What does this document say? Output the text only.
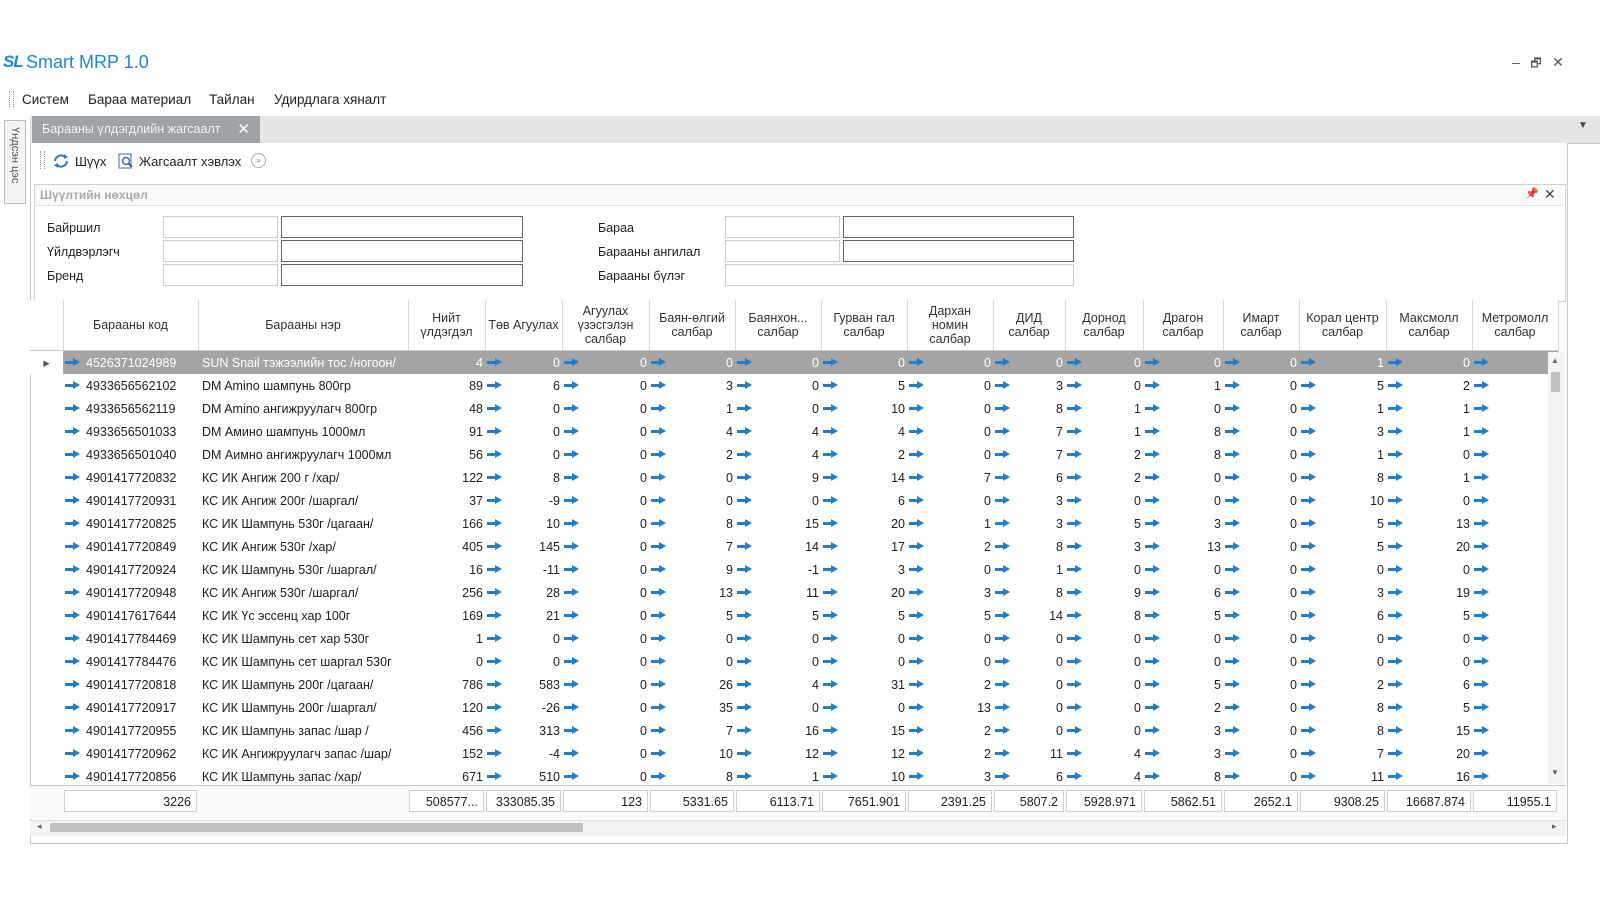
SL Smart MRP 1.0	– 🗗 ✕
Систем Бараа материал Тайлан Удирдлага хяналт
Үндсэн цэс Барааны үлдэгдлийн жагсаалт ✕	▼
Шүүх	Жагсаалт хэвлэх	»
Шүүлтийн нөхцөл	📌 ✕
Байршил
Үйлдвэрлэгч
Бренд
Бараа
Барааны ангилал
Барааны бүлэг
	Барааны код	Барааны нэр	Нийт үлдэгдэл	Төв Агуулах	Агуулах үзэсгэлэн салбар	Баян-өлгий салбар	Баянхон... салбар	Гурван гал салбар	Дархан номин салбар	ДИД салбар	Дорнод салбар	Драгон салбар	Имарт салбар	Корал центр салбар	Максмолл салбар	Метромолл салбар
▸	4526371024989	SUN Snail тэжээлийн тос /ногоон/	4	0	0	0	0	0	0	0	0	0	0	1	0	

	4933656562102	DM Amino шампунь 800гр	89	6	0	3	0	5	0	3	0	1	0	5	2	

	4933656562119	DM Amino ангижруулагч 800гр	48	0	0	1	0	10	0	8	1	0	0	1	1	

	4933656501033	DM Амино шампунь 1000мл	91	0	0	4	4	4	0	7	1	8	0	3	1	

	4933656501040	DM Аимно ангижруулагч 1000мл	56	0	0	2	4	2	0	7	2	8	0	1	0	

	4901417720832	КС ИК Ангиж 200 г /хар/	122	8	0	0	9	14	7	6	2	0	0	8	1	

	4901417720931	КС ИК Ангиж 200г /шаргал/	37	-9	0	0	0	6	0	3	0	0	0	10	0	

	4901417720825	КС ИК Шампунь 530г /цагаан/	166	10	0	8	15	20	1	3	5	3	0	5	13

	4901417720849	КС ИК Ангиж 530г /хар/	405	145	0	7	14	17	2	8	3	13	0	5	20

	4901417720924	КС ИК Шампунь 530г /шаргал/	16	-11	0	9	-1	3	0	1	0	0	0	0	0	

	4901417720948	КС ИК Ангиж 530г /шаргал/	256	28	0	13	11	20	3	8	9	6	0	3	19

	4901417617644	КС ИК Үс эссенц хар 100г	169	21	0	5	5	5	5	14	8	5	0	6	5	

	4901417784469	КС ИК Шампунь сет хар 530г	1	0	0	0	0	0	0	0	0	0	0	0	0	

	4901417784476	КС ИК Шампунь сет шаргал 530г	0	0	0	0	0	0	0	0	0	0	0	0	0	

	4901417720818	КС ИК Шампунь 200г /цагаан/	786	583	0	26	4	31	2	0	0	5	0	2	6	

	4901417720917	КС ИК Шампунь 200г /шаргал/	120	-26	0	35	0	0	13	0	0	2	0	8	5	

	4901417720955	КС ИК Шампунь запас /шар /	456	313	0	7	16	15	2	0	0	3	0	8	15	

	4901417720962	КС ИК Ангижруулагч запас /шар/	152	-4	0	10	12	12	2	11	4	3	0	7	20	

	4901417720856	КС ИК Шампунь запас /хар/	671	510	0	8	1	10	3	6	4	8	0	11	16	

▲
▼
3226	508577...	333085.35	123	5331.65	6113.71	7651.901	2391.25	5807.2	5928.971	5862.51	2652.1	9308.25	16687.874	11955.1
◂	▸
